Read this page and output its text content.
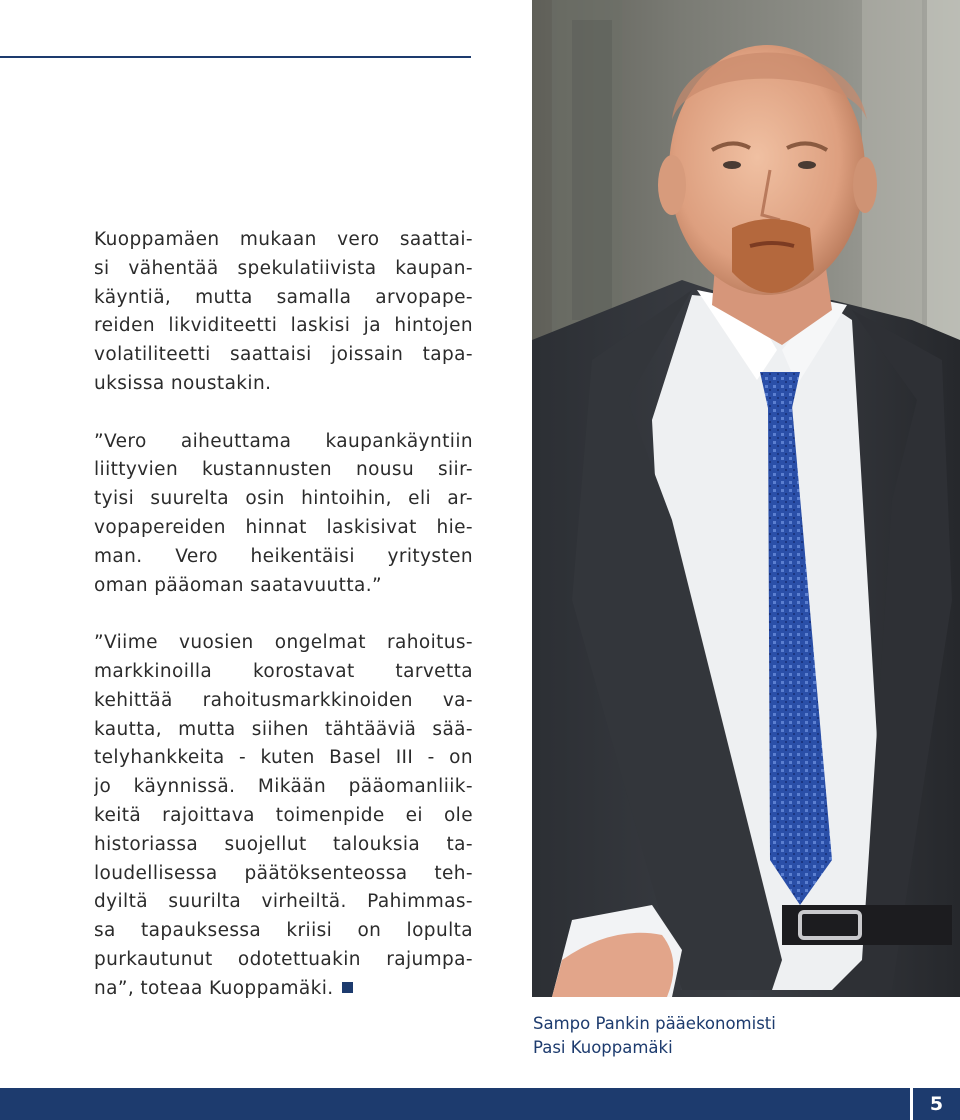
Kuoppamäen mukaan vero saattai-
si vähentää spekulatiivista kaupan-
käyntiä, mutta samalla arvopape-
reiden likviditeetti laskisi ja hintojen
volatiliteetti saattaisi joissain tapa-
uksissa noustakin.
”Vero aiheuttama kaupankäyntiin
liittyvien kustannusten nousu siir-
tyisi suurelta osin hintoihin, eli ar-
vopapereiden hinnat laskisivat hie-
man. Vero heikentäisi yritysten
oman pääoman saatavuutta.”
”Viime vuosien ongelmat rahoitus-
markkinoilla korostavat tarvetta
kehittää rahoitusmarkkinoiden va-
kautta, mutta siihen tähtääviä sää-
telyhankkeita - kuten Basel III - on
jo käynnissä. Mikään pääomanliik-
keitä rajoittava toimenpide ei ole
historiassa suojellut talouksia ta-
loudellisessa päätöksenteossa teh-
dyiltä suurilta virheiltä. Pahimmas-
sa tapauksessa kriisi on lopulta
purkautunut odotettuakin rajumpa-
na”, toteaa Kuoppamäki.
Sampo Pankin pääekonomisti
Pasi Kuoppamäki
5
